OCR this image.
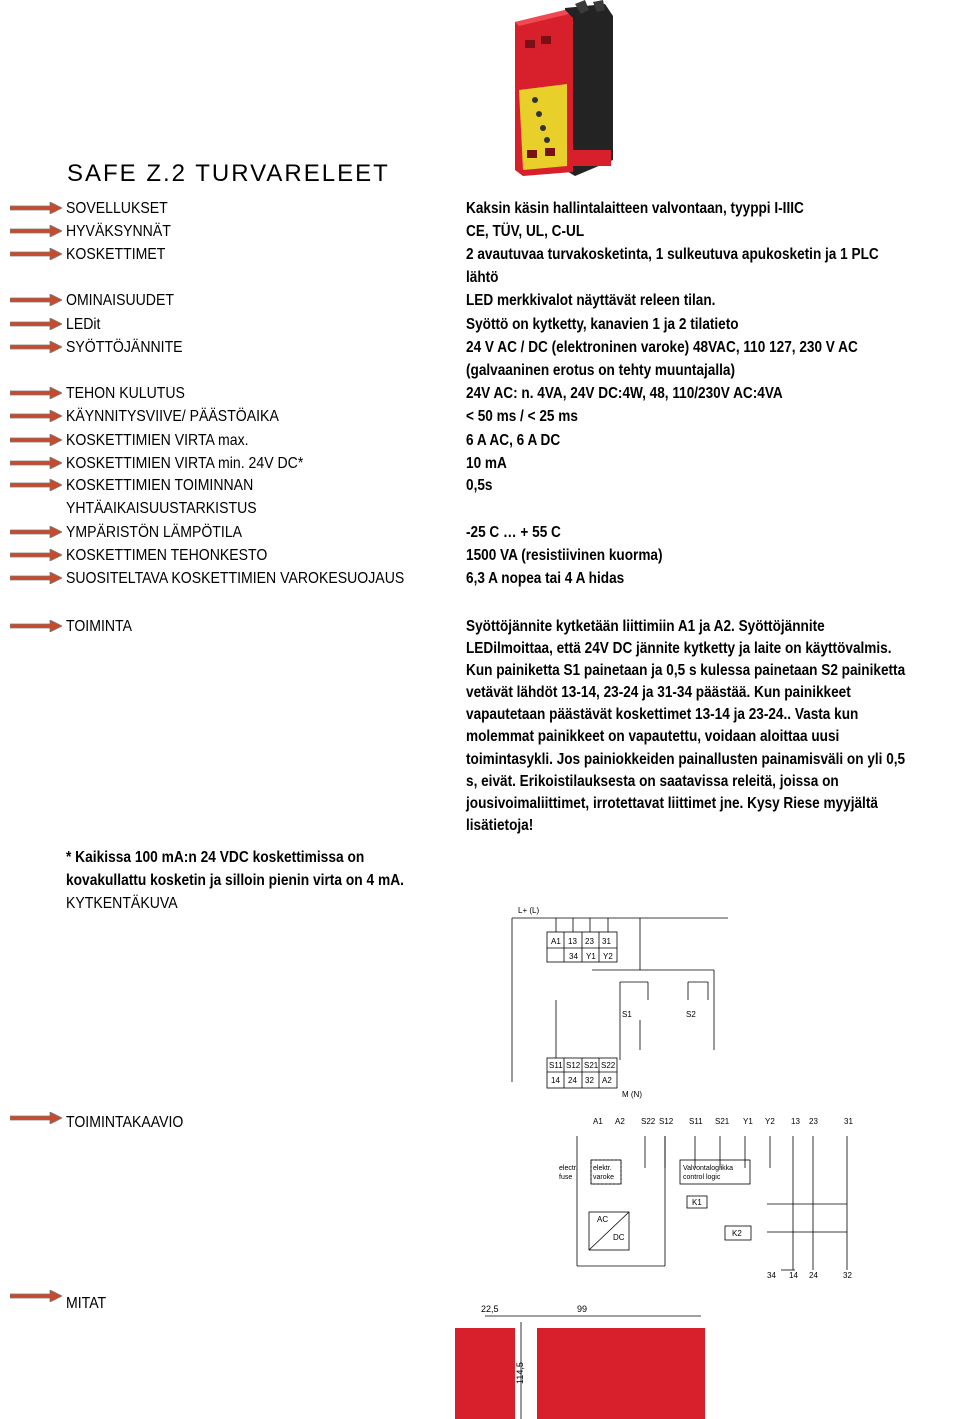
SAFE Z.2 TURVARELEET
SOVELLUKSET	Kaksin käsin hallintalaitteen valvontaan, tyyppi I-IIIC
HYVÄKSYNNÄT	CE, TÜV, UL, C-UL
KOSKETTIMET	2 avautuvaa turvakosketinta, 1 sulkeutuva apukosketin ja 1 PLC
lähtö
OMINAISUUDET	LED merkkivalot näyttävät releen tilan.
LEDit	Syöttö on kytketty, kanavien 1 ja 2 tilatieto
SYÖTTÖJÄNNITE	24 V AC / DC (elektroninen varoke) 48VAC, 110 127, 230 V AC
(galvaaninen erotus on tehty muuntajalla)
TEHON KULUTUS	24V AC: n. 4VA, 24V DC:4W, 48, 110/230V AC:4VA
KÄYNNITYSVIIVE/ PÄÄSTÖAIKA	< 50 ms / < 25 ms
KOSKETTIMIEN VIRTA max.	6 A AC, 6 A DC
KOSKETTIMIEN VIRTA min. 24V DC*	10 mA
KOSKETTIMIEN TOIMINNAN	0,5s
YHTÄAIKAISUUSTARKISTUS
YMPÄRISTÖN LÄMPÖTILA	-25 C … + 55 C
KOSKETTIMEN TEHONKESTO	1500 VA (resistiivinen kuorma)
SUOSITELTAVA KOSKETTIMIEN VAROKESUOJAUS	6,3 A nopea tai 4 A hidas
TOIMINTA	Syöttöjännite kytketään liittimiin A1 ja A2. Syöttöjännite
LEDilmoittaa, että 24V DC jännite kytketty ja laite on käyttövalmis.
Kun painiketta S1 painetaan ja 0,5 s kulessa painetaan S2 painiketta
vetävät lähdöt 13-14, 23-24 ja 31-34 päästää. Kun painikkeet
vapautetaan päästävät koskettimet 13-14 ja 23-24.. Vasta kun
molemmat painikkeet on vapautettu, voidaan aloittaa uusi
toimintasykli. Jos painiokkeiden painallusten painamisväli on yli 0,5
s, eivät. Erikoistilauksesta on saatavissa releitä, joissa on
jousivoimaliittimet, irrotettavat liittimet jne. Kysy Riese myyjältä
lisätietoja!
* Kaikissa 100 mA:n 24 VDC koskettimissa on
kovakullattu kosketin ja silloin pienin virta on 4 mA.
KYTKENTÄKUVA	L+ (L)
A1 13 23 31
34 Y1 Y2
S1	S2
S11 S12 S21 S22
14 24 32 A2
M (N)
TOIMINTAKAAVIO	A1 A2 S22 S12 S11 S21 Y1 Y2 13 23	31
electr.
fuse
elektr.
varoke
Valvontalogiikka
control logic
K1
K2
AC
DC
34 14 24	32
MITAT	22,5	99
114,5
